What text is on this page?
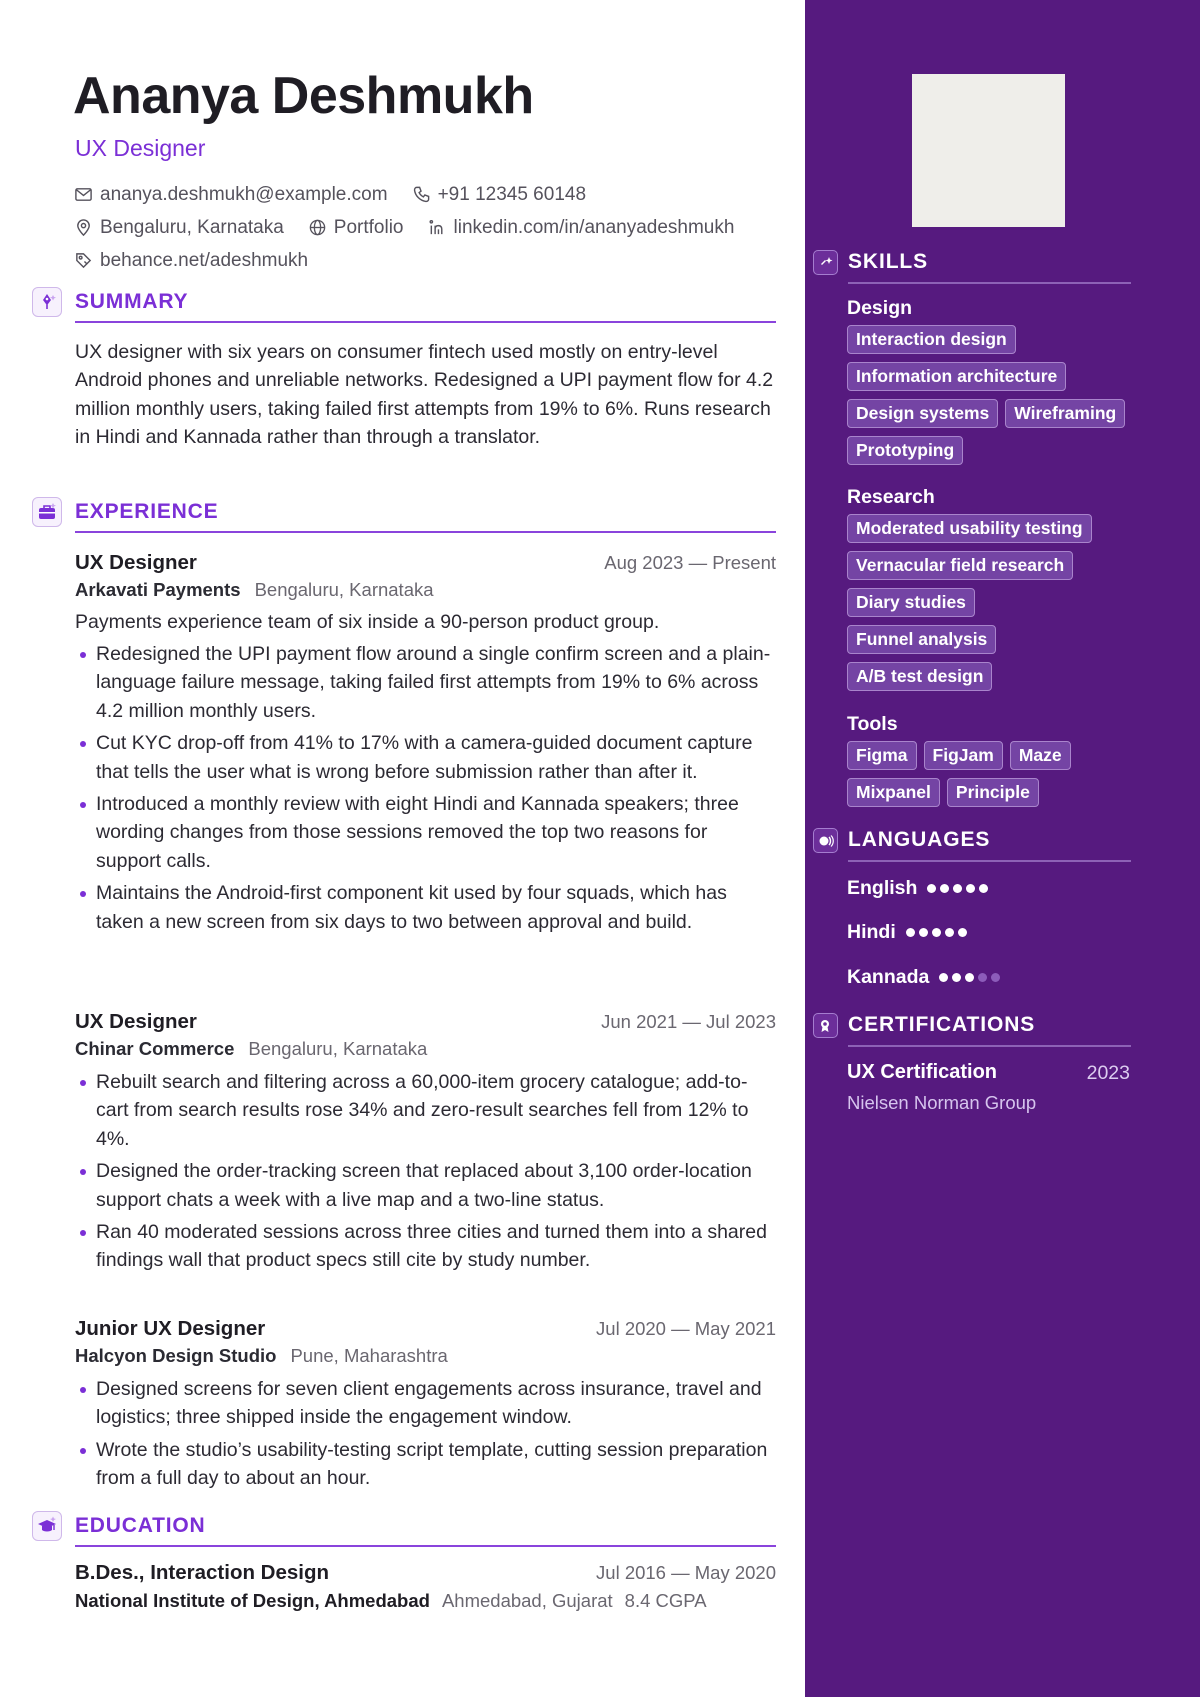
Ananya Deshmukh
UX Designer
ananya.deshmukh@example.com	+91 12345 60148
Bengaluru, Karnataka	Portfolio	linkedin.com/in/ananyadeshmukh
behance.net/adeshmukh
SUMMARY

UX designer with six years on consumer fintech used mostly on entry-level Android phones and unreliable networks. Redesigned a UPI payment flow for 4.2 million monthly users, taking failed first attempts from 19% to 6%. Runs research in Hindi and Kannada rather than through a translator.

EXPERIENCE
UX Designer	Aug 2023 — Present
Arkavati Payments Bengaluru, Karnataka
Payments experience team of six inside a 90-person product group.
Redesigned the UPI payment flow around a single confirm screen and a plain-language failure message, taking failed first attempts from 19% to 6% across 4.2 million monthly users.
Cut KYC drop-off from 41% to 17% with a camera-guided document capture that tells the user what is wrong before submission rather than after it.
Introduced a monthly review with eight Hindi and Kannada speakers; three wording changes from those sessions removed the top two reasons for support calls.
Maintains the Android-first component kit used by four squads, which has taken a new screen from six days to two between approval and build.
UX Designer	Jun 2021 — Jul 2023
Chinar Commerce Bengaluru, Karnataka
Rebuilt search and filtering across a 60,000-item grocery catalogue; add-to-cart from search results rose 34% and zero-result searches fell from 12% to 4%.
Designed the order-tracking screen that replaced about 3,100 order-location support chats a week with a live map and a two-line status.
Ran 40 moderated sessions across three cities and turned them into a shared findings wall that product specs still cite by study number.
Junior UX Designer	Jul 2020 — May 2021
Halcyon Design Studio Pune, Maharashtra
Designed screens for seven client engagements across insurance, travel and logistics; three shipped inside the engagement window.
Wrote the studio’s usability-testing script template, cutting session preparation from a full day to about an hour.
EDUCATION
B.Des., Interaction Design	Jul 2016 — May 2020
National Institute of Design, Ahmedabad Ahmedabad, Gujarat 8.4 CGPA
SKILLS
Design
Interaction design
Information architecture
Design systems	Wireframing
Prototyping
Research
Moderated usability testing
Vernacular field research
Diary studies
Funnel analysis
A/B test design
Tools
Figma	FigJam	Maze
Mixpanel	Principle
LANGUAGES
English
Hindi
Kannada
CERTIFICATIONS
UX Certification	2023
Nielsen Norman Group
